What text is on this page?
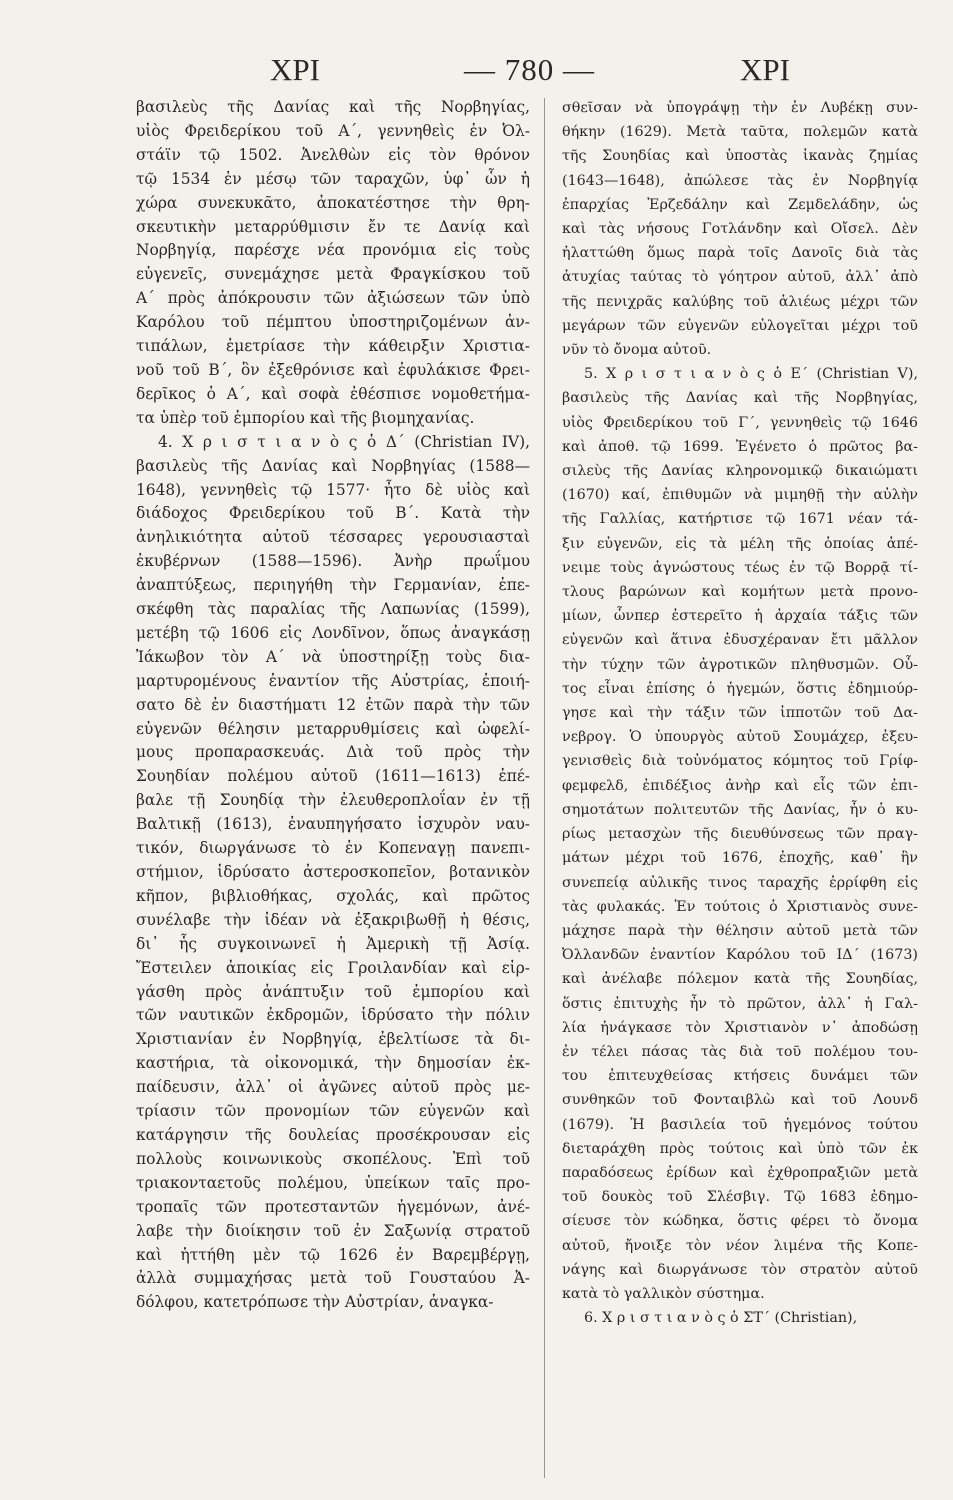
ΧΡΙ	— 780 —	ΧΡΙ
βασιλεὺς τῆς Δανίας καὶ τῆς Νορβηγίας,
υἱὸς Φρειδερίκου τοῦ Α΄, γεννηθεὶς ἐν Ὀλ-
στάϊν τῷ 1502. Ἀνελθὼν εἰς τὸν θρόνον
τῷ 1534 ἐν μέσῳ τῶν ταραχῶν, ὑφ᾽ ὧν ἡ
χώρα συνεκυκᾶτο, ἀποκατέστησε τὴν θρη-
σκευτικὴν μεταρρύθμισιν ἔν τε Δανίᾳ καὶ
Νορβηγίᾳ, παρέσχε νέα προνόμια εἰς τοὺς
εὐγενεῖς, συνεμάχησε μετὰ Φραγκίσκου τοῦ
Α΄ πρὸς ἀπόκρουσιν τῶν ἀξιώσεων τῶν ὑπὸ
Καρόλου τοῦ πέμπτου ὑποστηριζομένων ἀν-
τιπάλων, ἐμετρίασε τὴν κάθειρξιν Χριστια-
νοῦ τοῦ Β΄, ὃν ἐξεθρόνισε καὶ ἐφυλάκισε Φρει-
δερῖκος ὁ Α΄, καὶ σοφὰ ἐθέσπισε νομοθετήμα-
τα ὑπὲρ τοῦ ἐμπορίου καὶ τῆς βιομηχανίας.
4. Χ ρ ι σ τ ι α ν ὸ ς ὁ Δ΄ (Christian IV),
βασιλεὺς τῆς Δανίας καὶ Νορβηγίας (1588—
1648), γεννηθεὶς τῷ 1577· ἦτο δὲ υἱὸς καὶ
διάδοχος Φρειδερίκου τοῦ Β΄. Κατὰ τὴν
ἀνηλικιότητα αὐτοῦ τέσσαρες γερουσιασταὶ
ἐκυβέρνων (1588—1596). Ἀνὴρ πρωΐμου
ἀναπτύξεως, περιηγήθη τὴν Γερμανίαν, ἐπε-
σκέφθη τὰς παραλίας τῆς Λαπωνίας (1599),
μετέβη τῷ 1606 εἰς Λονδῖνον, ὅπως ἀναγκάσῃ
Ἰάκωβον τὸν Α΄ νὰ ὑποστηρίξῃ τοὺς δια-
μαρτυρομένους ἐναντίον τῆς Αὐστρίας, ἐποιή-
σατο δὲ ἐν διαστήματι 12 ἐτῶν παρὰ τὴν τῶν
εὐγενῶν θέλησιν μεταρρυθμίσεις καὶ ὠφελί-
μους προπαρασκευάς. Διὰ τοῦ πρὸς τὴν
Σουηδίαν πολέμου αὐτοῦ (1611—1613) ἐπέ-
βαλε τῇ Σουηδίᾳ τὴν ἐλευθεροπλοΐαν ἐν τῇ
Βαλτικῇ (1613), ἐναυπηγήσατο ἰσχυρὸν ναυ-
τικόν, διωργάνωσε τὸ ἐν Κοπεναγῃ πανεπι-
στήμιον, ἱδρύσατο ἀστεροσκοπεῖον, βοτανικὸν
κῆπον, βιβλιοθήκας, σχολάς, καὶ πρῶτος
συνέλαβε τὴν ἰδέαν νὰ ἐξακριβωθῇ ἡ θέσις,
δι᾽ ἧς συγκοινωνεῖ ἡ Ἀμερικὴ τῇ Ἀσίᾳ.
Ἔστειλεν ἀποικίας εἰς Γροιλανδίαν καὶ εἰρ-
γάσθη πρὸς ἀνάπτυξιν τοῦ ἐμπορίου καὶ
τῶν ναυτικῶν ἐκδρομῶν, ἱδρύσατο τὴν πόλιν
Χριστιανίαν ἐν Νορβηγίᾳ, ἐβελτίωσε τὰ δι-
καστήρια, τὰ οἰκονομικά, τὴν δημοσίαν ἐκ-
παίδευσιν, ἀλλ᾽ οἱ ἀγῶνες αὐτοῦ πρὸς με-
τρίασιν τῶν προνομίων τῶν εὐγενῶν καὶ
κατάργησιν τῆς δουλείας προσέκρουσαν εἰς
πολλοὺς κοινωνικοὺς σκοπέλους. Ἐπὶ τοῦ
τριακονταετοῦς πολέμου, ὑπείκων ταῖς προ-
τροπαῖς τῶν προτεσταντῶν ἡγεμόνων, ἀνέ-
λαβε τὴν διοίκησιν τοῦ ἐν Σαξωνίᾳ στρατοῦ
καὶ ἡττήθη μὲν τῷ 1626 ἐν Βαρεμβέργῃ,
ἀλλὰ συμμαχήσας μετὰ τοῦ Γουσταύου Ἀ-
δόλφου, κατετρόπωσε τὴν Αὐστρίαν, ἀναγκα-
σθεῖσαν νὰ ὑπογράψῃ τὴν ἐν Λυβέκῃ συν-
θήκην (1629). Μετὰ ταῦτα, πολεμῶν κατὰ
τῆς Σουηδίας καὶ ὑποστὰς ἱκανὰς ζημίας
(1643—1648), ἀπώλεσε τὰς ἐν Νορβηγίᾳ
ἐπαρχίας Ἐρζεδάλην καὶ Ζεμδελάδην, ὡς
καὶ τὰς νήσους Γοτλάνδην καὶ Οἴσελ. Δὲν
ἠλαττώθη ὅμως παρὰ τοῖς Δανοῖς διὰ τὰς
ἀτυχίας ταύτας τὸ γόητρον αὐτοῦ, ἀλλ᾽ ἀπὸ
τῆς πενιχρᾶς καλύβης τοῦ ἁλιέως μέχρι τῶν
μεγάρων τῶν εὐγενῶν εὐλογεῖται μέχρι τοῦ
νῦν τὸ ὄνομα αὐτοῦ.
5. Χ ρ ι σ τ ι α ν ὸ ς ὁ Ε΄ (Christian V),
βασιλεὺς τῆς Δανίας καὶ τῆς Νορβηγίας,
υἱὸς Φρειδερίκου τοῦ Γ΄, γεννηθεὶς τῷ 1646
καὶ ἀποθ. τῷ 1699. Ἐγένετο ὁ πρῶτος βα-
σιλεὺς τῆς Δανίας κληρονομικῷ δικαιώματι
(1670) καί, ἐπιθυμῶν νὰ μιμηθῇ τὴν αὐλὴν
τῆς Γαλλίας, κατήρτισε τῷ 1671 νέαν τά-
ξιν εὐγενῶν, εἰς τὰ μέλη τῆς ὁποίας ἀπέ-
νειμε τοὺς ἀγνώστους τέως ἐν τῷ Βορρᾷ τί-
τλους βαρώνων καὶ κομήτων μετὰ προνο-
μίων, ὧνπερ ἐστερεῖτο ἡ ἀρχαία τάξις τῶν
εὐγενῶν καὶ ἅτινα ἐδυσχέραναν ἔτι μᾶλλον
τὴν τύχην τῶν ἀγροτικῶν πληθυσμῶν. Οὗ-
τος εἶναι ἐπίσης ὁ ἡγεμών, ὅστις ἐδημιούρ-
γησε καὶ τὴν τάξιν τῶν ἱπποτῶν τοῦ Δα-
νεβρογ. Ὁ ὑπουργὸς αὐτοῦ Σουμάχερ, ἐξευ-
γενισθεὶς διὰ τοὐνόματος κόμητος τοῦ Γρίφ-
φεμφελδ, ἐπιδέξιος ἀνὴρ καὶ εἷς τῶν ἐπι-
σημοτάτων πολιτευτῶν τῆς Δανίας, ἦν ὁ κυ-
ρίως μετασχὼν τῆς διευθύνσεως τῶν πραγ-
μάτων μέχρι τοῦ 1676, ἐποχῆς, καθ᾽ ἣν
συνεπείᾳ αὐλικῆς τινος ταραχῆς ἐρρίφθη εἰς
τὰς φυλακάς. Ἐν τούτοις ὁ Χριστιανὸς συνε-
μάχησε παρὰ τὴν θέλησιν αὐτοῦ μετὰ τῶν
Ὀλλανδῶν ἐναντίον Καρόλου τοῦ ΙΔ΄ (1673)
καὶ ἀνέλαβε πόλεμον κατὰ τῆς Σουηδίας,
ὅστις ἐπιτυχὴς ἦν τὸ πρῶτον, ἀλλ᾽ ἡ Γαλ-
λία ἠνάγκασε τὸν Χριστιανὸν ν᾽ ἀποδώσῃ
ἐν τέλει πάσας τὰς διὰ τοῦ πολέμου του-
του ἐπιτευχθείσας κτήσεις δυνάμει τῶν
συνθηκῶν τοῦ Φονταιβλὼ καὶ τοῦ Λουνδ
(1679). Ἡ βασιλεία τοῦ ἡγεμόνος τούτου
διεταράχθη πρὸς τούτοις καὶ ὑπὸ τῶν ἐκ
παραδόσεως ἐρίδων καὶ ἐχθροπραξιῶν μετὰ
τοῦ δουκὸς τοῦ Σλέσβιγ. Τῷ 1683 ἐδημο-
σίευσε τὸν κώδηκα, ὅστις φέρει τὸ ὄνομα
αὐτοῦ, ἤνοιξε τὸν νέον λιμένα τῆς Κοπε-
νάγης καὶ διωργάνωσε τὸν στρατὸν αὐτοῦ
κατὰ τὸ γαλλικὸν σύστημα.
6. Χ ρ ι σ τ ι α ν ὸ ς ὁ ΣΤ΄ (Christian),
